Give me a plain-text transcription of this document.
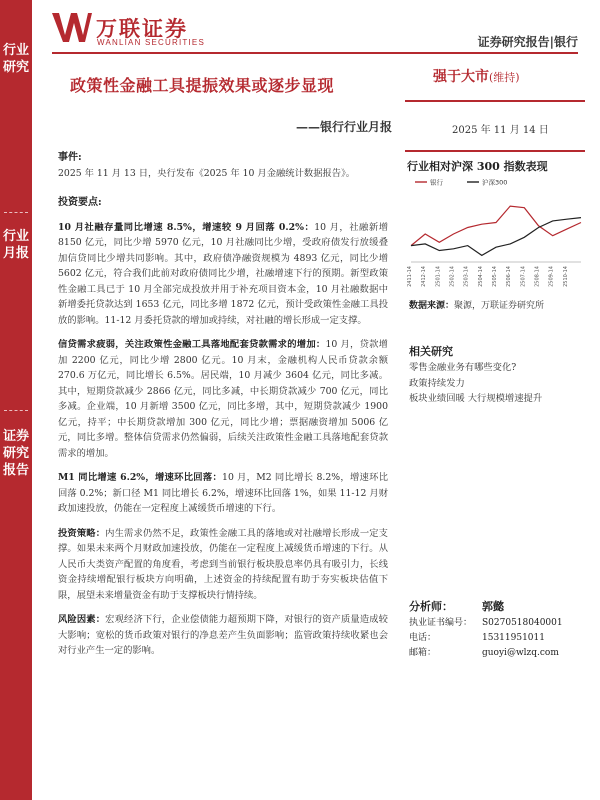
行业研究
行业月报
证券研究报告
万联证券
WANLIAN SECURITIES	证券研究报告|银行
政策性金融工具提振效果或逐步显现
——银行行业月报
强于大市(维持)
2025 年 11 月 14 日

事件:

2025 年 11 月 13 日，央行发布《2025 年 10 月金融统计数据报告》。

投资要点:

10 月社融存量同比增速 8.5%，增速较 9 月回落 0.2%：10 月，社融新增 8150 亿元，同比少增 5970 亿元，10 月社融同比少增，受政府债发行放缓叠加信贷同比少增共同影响。其中，政府债净融资规模为 4893 亿元，同比少增 5602 亿元，符合我们此前对政府债同比少增，社融增速下行的预期。新型政策性金融工具已于 10 月全部完成投放并用于补充项目资本金，10 月社融数据中新增委托贷款达到 1653 亿元，同比多增 1872 亿元，预计受政策性金融工具投放的影响。11-12 月委托贷款的增加或持续，对社融的增长形成一定支撑。

信贷需求疲弱，关注政策性金融工具落地配套贷款需求的增加：10 月，贷款增加 2200 亿元，同比少增 2800 亿元。10 月末，金融机构人民币贷款余额 270.6 万亿元，同比增长 6.5%。居民端，10 月减少 3604 亿元，同比多减。其中，短期贷款减少 2866 亿元，同比多减，中长期贷款减少 700 亿元，同比多减。企业端，10 月新增 3500 亿元，同比多增，其中，短期贷款减少 1900 亿元，持平；中长期贷款增加 300 亿元，同比少增；票据融资增加 5006 亿元，同比多增。整体信贷需求仍然偏弱，后续关注政策性金融工具落地配套贷款需求的增加。

M1 同比增速 6.2%，增速环比回落：10 月，M2 同比增长 8.2%，增速环比回落 0.2%；新口径 M1 同比增长 6.2%，增速环比回落 1%，如果 11-12 月财政加速投放，仍能在一定程度上减缓货币增速的下行。

投资策略：内生需求仍然不足，政策性金融工具的落地或对社融增长形成一定支撑。如果未来两个月财政加速投放，仍能在一定程度上减缓货币增速的下行。从人民币大类资产配置的角度看，考虑到当前银行板块股息率仍具有吸引力，长线资金持续增配银行板块方向明确，上述资金的持续配置有助于夯实板块估值下限，展望未来增量资金有助于支撑板块行情持续。

风险因素：宏观经济下行，企业偿债能力超预期下降，对银行的资产质量造成较大影响；宽松的货币政策对银行的净息差产生负面影响；监管政策持续收紧也会对行业产生一定的影响。

行业相对沪深 300 指数表现
银行	沪深300
2411-14 2412-14 2501-14 2502-14 2503-14 2504-14 2505-14 2506-14 2507-14 2508-14 2509-14 2510-14
数据来源：聚源，万联证券研究所
相关研究
零售金融业务有哪些变化?
政策持续发力
板块业绩回暖 大行规模增速提升
分析师：	郭懿
执业证书编号：	S0270518040001
电话：	15311951011
邮箱：	guoyi@wlzq.com
